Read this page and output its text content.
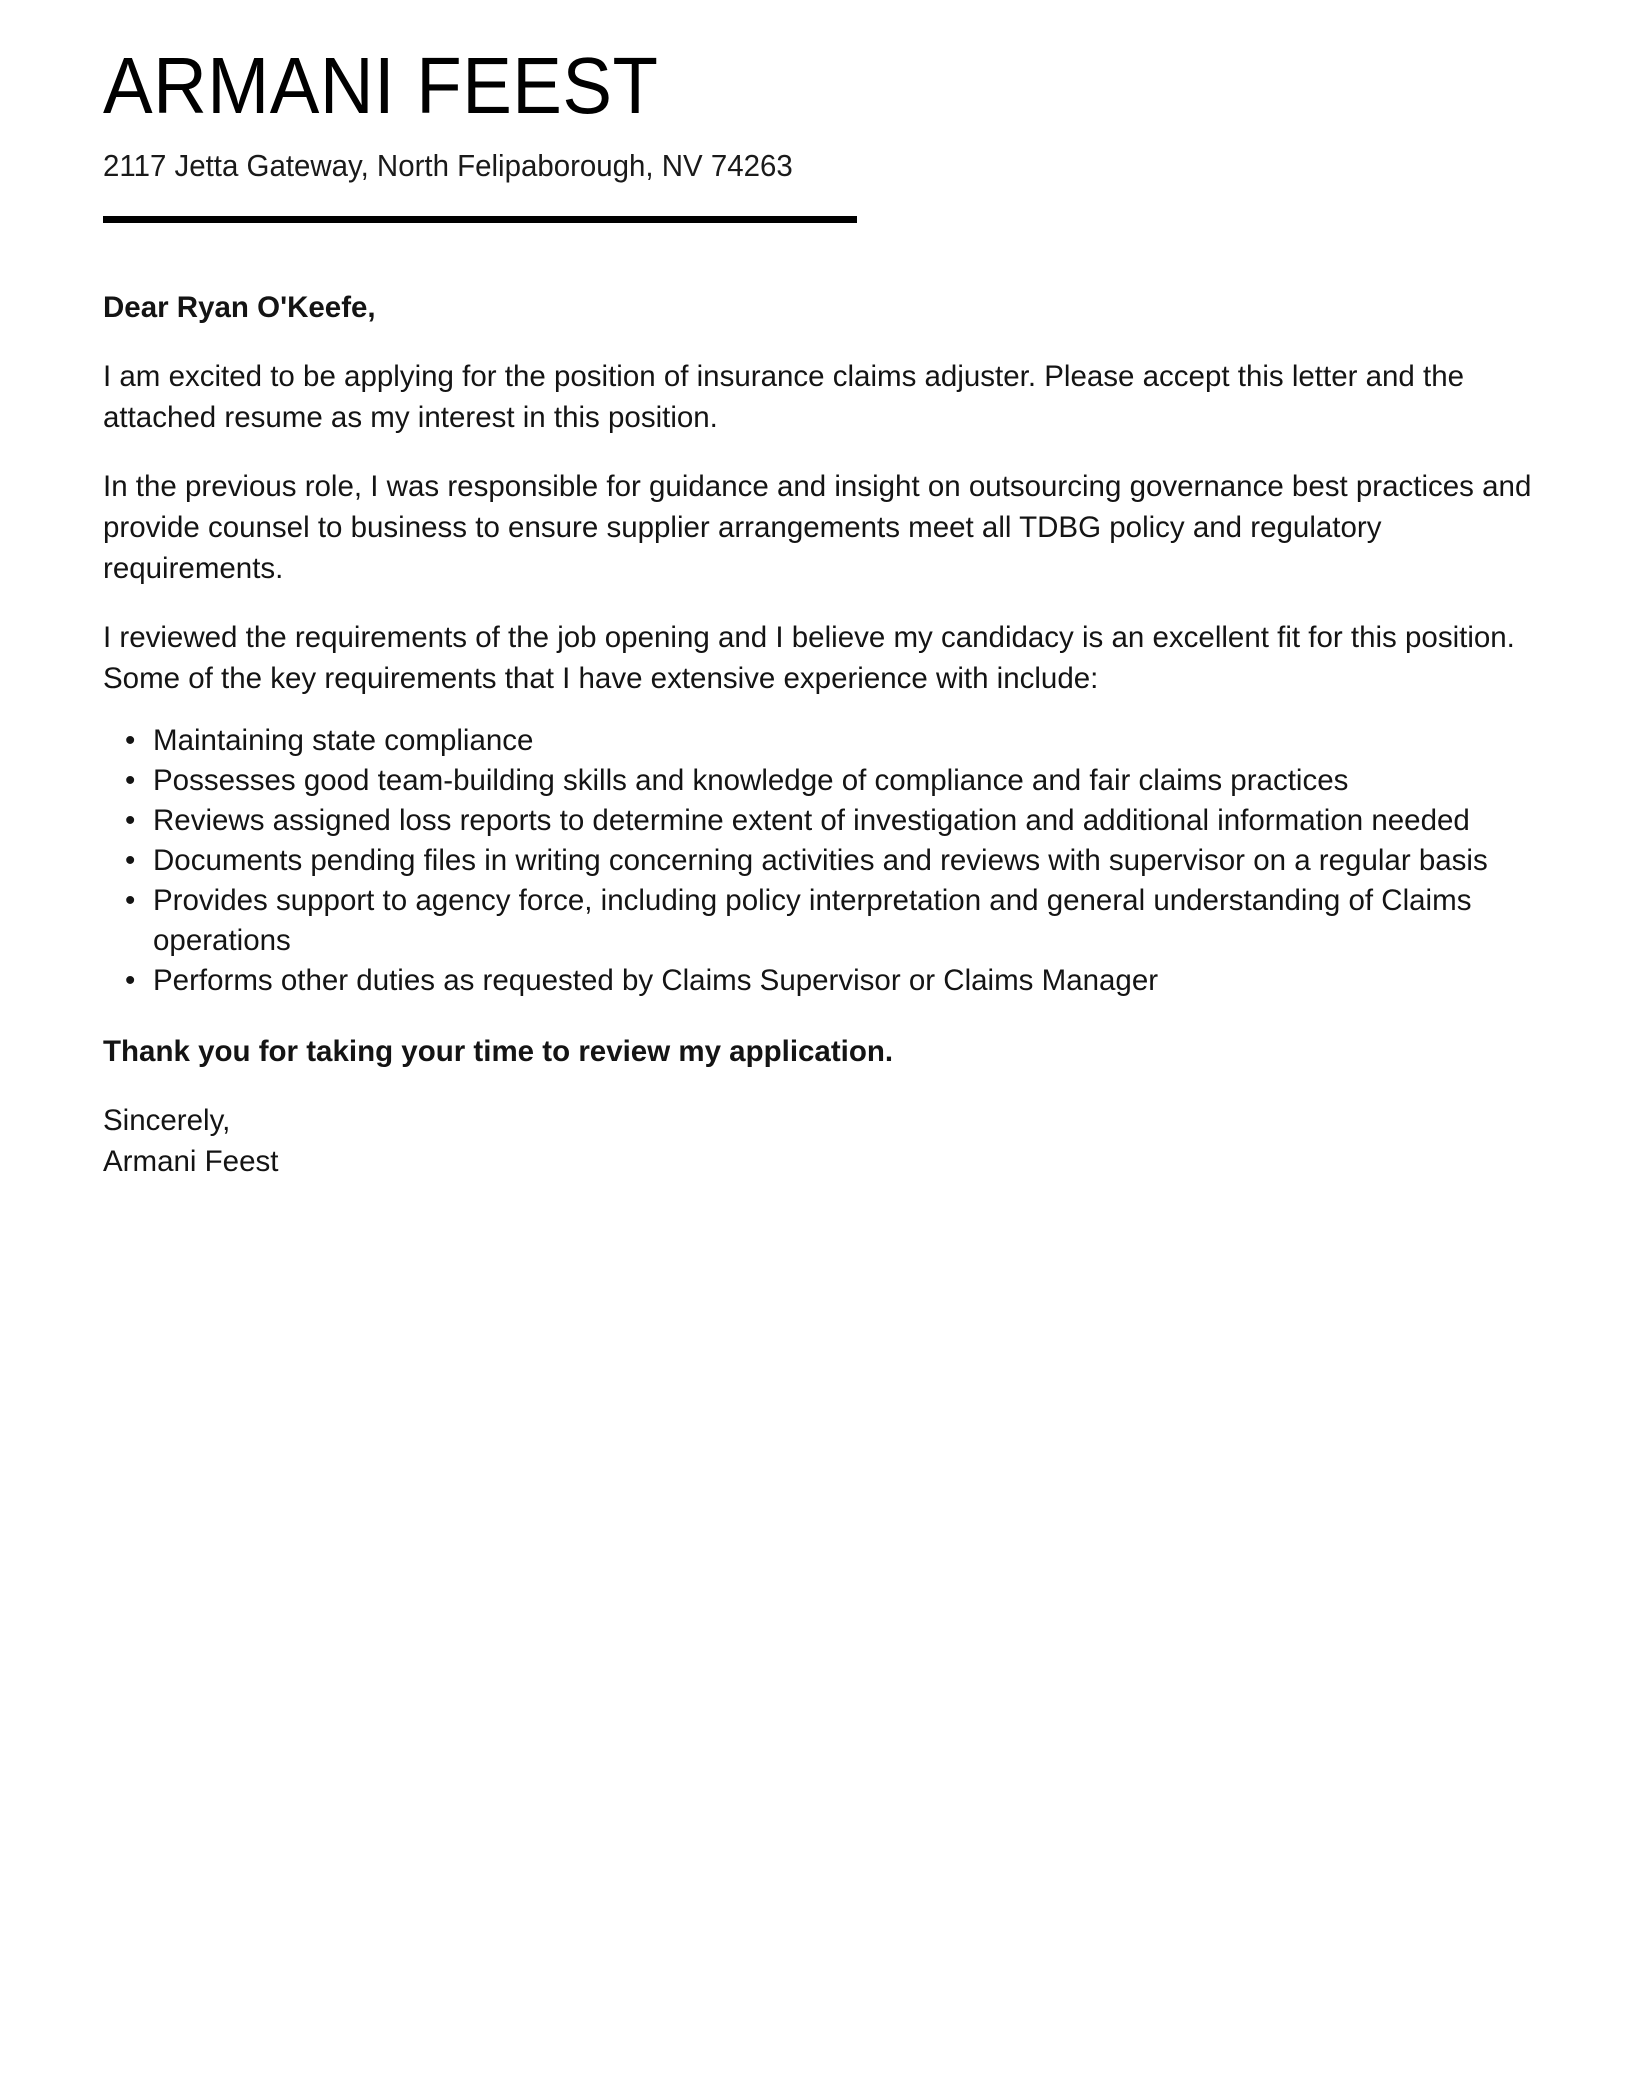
ARMANI FEEST

2117 Jetta Gateway, North Felipaborough, NV 74263

Dear Ryan O'Keefe,

I am excited to be applying for the position of insurance claims adjuster. Please accept this letter and the attached resume as my interest in this position.

In the previous role, I was responsible for guidance and insight on outsourcing governance best practices and provide counsel to business to ensure supplier arrangements meet all TDBG policy and regulatory requirements.

I reviewed the requirements of the job opening and I believe my candidacy is an excellent fit for this position. Some of the key requirements that I have extensive experience with include:

• Maintaining state compliance
• Possesses good team-building skills and knowledge of compliance and fair claims practices
• Reviews assigned loss reports to determine extent of investigation and additional information needed
• Documents pending files in writing concerning activities and reviews with supervisor on a regular basis
• Provides support to agency force, including policy interpretation and general understanding of Claims operations
• Performs other duties as requested by Claims Supervisor or Claims Manager

Thank you for taking your time to review my application.

Sincerely,
Armani Feest
